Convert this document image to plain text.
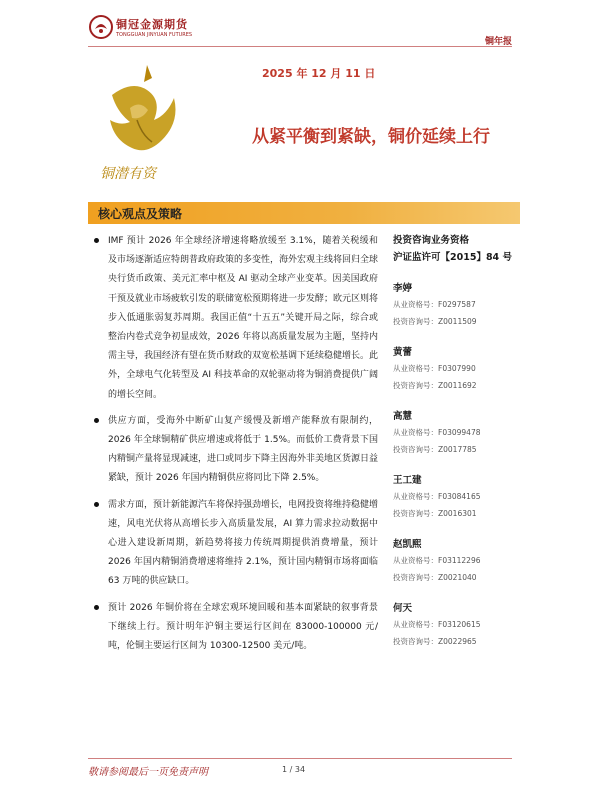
铜冠金源期货
TONGGUAN JINYUAN FUTURES
铜年报
铜潜有资
2025 年 12 月 11 日
从紧平衡到紧缺，铜价延续上行
核心观点及策略
IMF 预计 2026 年全球经济增速将略放缓至 3.1%，随着关税缓和及市场逐渐适应特朗普政府政策的多变性，海外宏观主线将回归全球央行货币政策、美元汇率中枢及 AI 驱动全球产业变革。因美国政府干预及就业市场疲软引发的联储宽松预期将进一步发酵；欧元区则将步入低通胀弱复苏周期。我国正值“十五五”关键开局之际，综合或整治内卷式竞争初显成效，2026 年将以高质量发展为主题，坚持内需主导，我国经济有望在货币财政的双宽松基调下延续稳健增长。此外，全球电气化转型及 AI 科技革命的双轮驱动将为铜消费提供广阔的增长空间。
供应方面，受海外中断矿山复产缓慢及新增产能释放有限制约，2026 年全球铜精矿供应增速或将低于 1.5%。而低价工费背景下国内精铜产量将显现减速，进口或同步下降主因海外非美地区货源日益紧缺，预计 2026 年国内精铜供应将同比下降 2.5%。
需求方面，预计新能源汽车将保持强劲增长，电网投资将维持稳健增速，风电光伏将从高增长步入高质量发展，AI 算力需求拉动数据中心进入建设新周期，新趋势将接力传统周期提供消费增量，预计 2026 年国内精铜消费增速将维持 2.1%，预计国内精铜市场将面临 63 万吨的供应缺口。
预计 2026 年铜价将在全球宏观环境回暖和基本面紧缺的叙事背景下继续上行。预计明年沪铜主要运行区间在 83000-100000 元/吨，伦铜主要运行区间为 10300-12500 美元/吨。
投资咨询业务资格
沪证监许可【2015】84 号
李婷
从业资格号：F0297587
投资咨询号：Z0011509
黄蕾
从业资格号：F0307990
投资咨询号：Z0011692
高慧
从业资格号：F03099478
投资咨询号：Z0017785
王工建
从业资格号：F03084165
投资咨询号：Z0016301
赵凯熙
从业资格号：F03112296
投资咨询号：Z0021040
何天
从业资格号：F03120615
投资咨询号：Z0022965
敬请参阅最后一页免责声明	1 / 34
